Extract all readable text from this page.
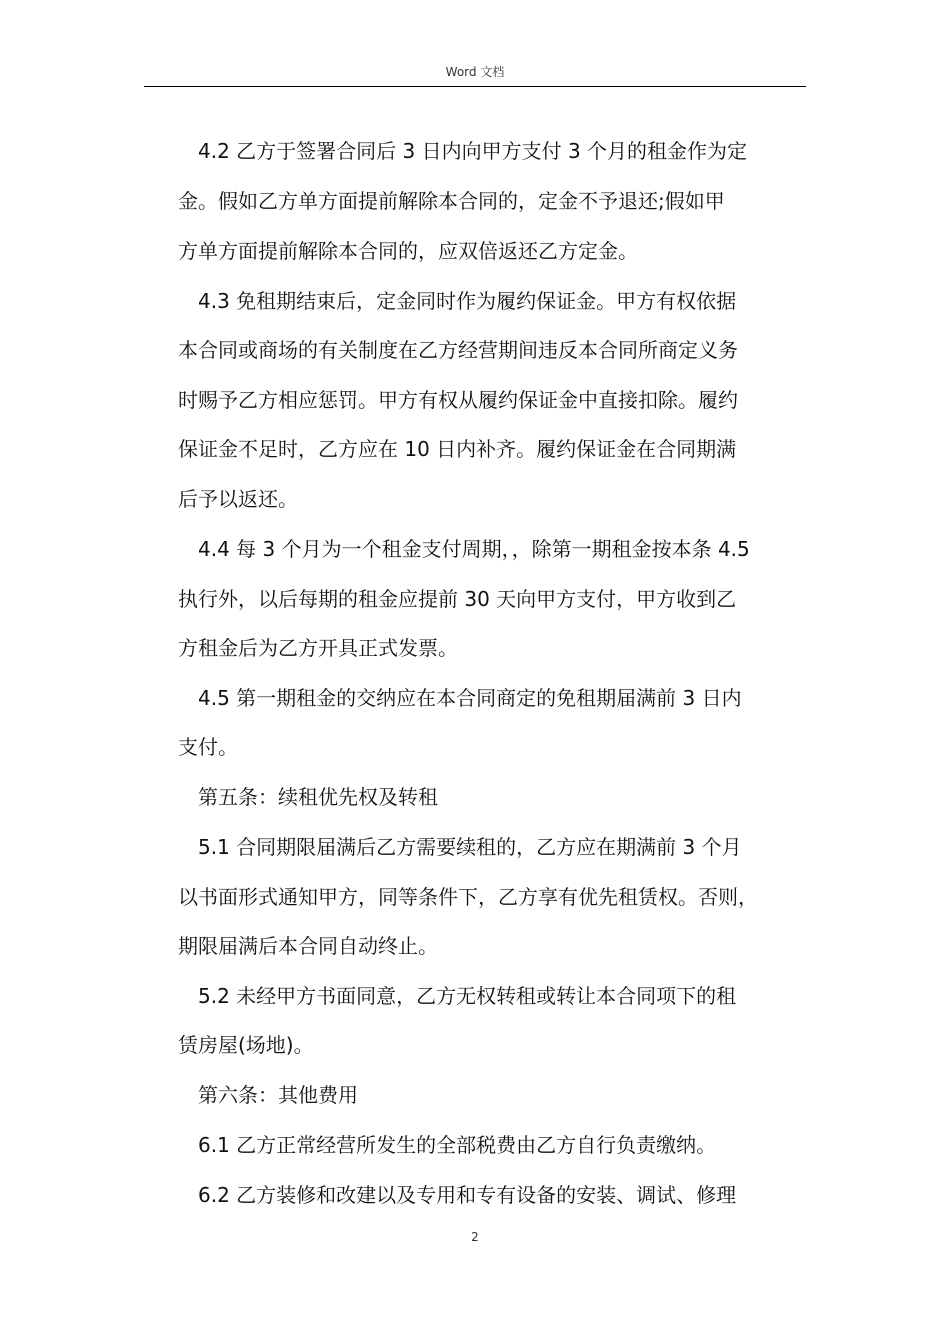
Word 文档
4.2 乙方于签署合同后 3 日内向甲方支付 3 个月的租金作为定
金。假如乙方单方面提前解除本合同的，定金不予退还;假如甲
方单方面提前解除本合同的，应双倍返还乙方定金。
4.3 免租期结束后，定金同时作为履约保证金。甲方有权依据
本合同或商场的有关制度在乙方经营期间违反本合同所商定义务
时赐予乙方相应惩罚。甲方有权从履约保证金中直接扣除。履约
保证金不足时，乙方应在 10 日内补齐。履约保证金在合同期满
后予以返还。
4.4 每 3 个月为一个租金支付周期，，除第一期租金按本条 4.5
执行外，以后每期的租金应提前 30 天向甲方支付，甲方收到乙
方租金后为乙方开具正式发票。
4.5 第一期租金的交纳应在本合同商定的免租期届满前 3 日内
支付。
第五条：续租优先权及转租
5.1 合同期限届满后乙方需要续租的，乙方应在期满前 3 个月
以书面形式通知甲方，同等条件下，乙方享有优先租赁权。否则，
期限届满后本合同自动终止。
5.2 未经甲方书面同意，乙方无权转租或转让本合同项下的租
赁房屋(场地)。
第六条：其他费用
6.1 乙方正常经营所发生的全部税费由乙方自行负责缴纳。
6.2 乙方装修和改建以及专用和专有设备的安装、调试、修理
2
